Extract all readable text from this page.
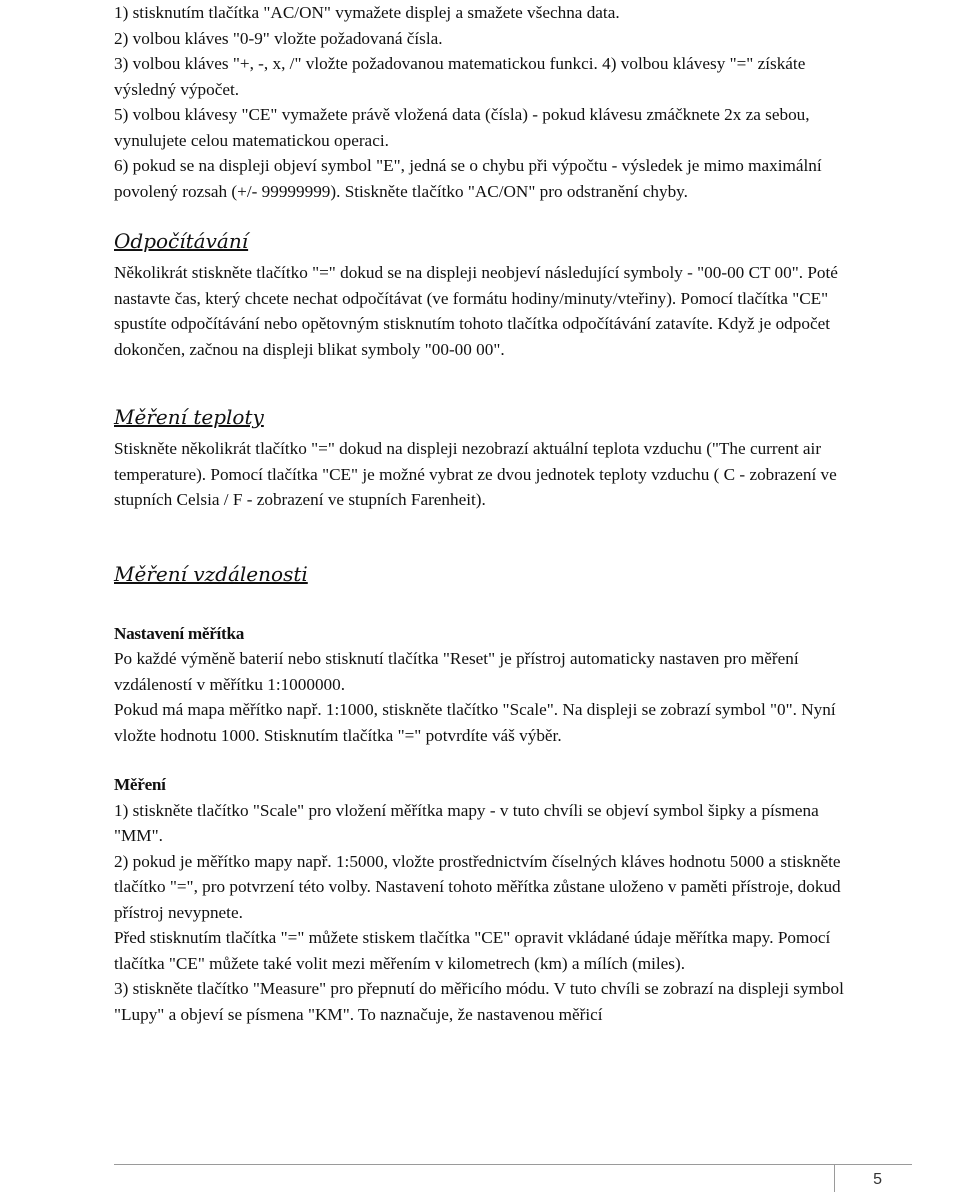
1) stisknutím tlačítka "AC/ON" vymažete displej a smažete všechna data.

2) volbou kláves "0-9" vložte požadovaná čísla.

3) volbou kláves "+, -, x, /" vložte požadovanou matematickou funkci. 4) volbou klávesy "=" získáte výsledný výpočet.

5) volbou klávesy "CE" vymažete právě vložená data (čísla) - pokud klávesu zmáčknete 2x za sebou, vynulujete celou matematickou operaci.

6) pokud se na displeji objeví symbol "E", jedná se o chybu při výpočtu - výsledek je mimo maximální povolený rozsah (+/- 99999999). Stiskněte tlačítko "AC/ON" pro odstranění chyby.

Odpočítávání

Několikrát stiskněte tlačítko "=" dokud se na displeji neobjeví následující symboly - "00-00 CT 00". Poté nastavte čas, který chcete nechat odpočítávat (ve formátu hodiny/minuty/vteřiny). Pomocí tlačítka "CE" spustíte odpočítávání nebo opětovným stisknutím tohoto tlačítka odpočítávání zatavíte. Když je odpočet dokončen, začnou na displeji blikat symboly "00-00 00".

Měření teploty

Stiskněte několikrát tlačítko "=" dokud na displeji nezobrazí aktuální teplota vzduchu ("The current air temperature). Pomocí tlačítka "CE" je možné vybrat ze dvou jednotek teploty vzduchu ( C - zobrazení ve stupních Celsia / F - zobrazení ve stupních Farenheit).

Měření vzdálenosti

Nastavení měřítka

Po každé výměně baterií nebo stisknutí tlačítka "Reset" je přístroj automaticky nastaven pro měření vzdáleností v měřítku 1:1000000.

Pokud má mapa měřítko např. 1:1000, stiskněte tlačítko "Scale". Na displeji se zobrazí symbol "0". Nyní vložte hodnotu 1000. Stisknutím tlačítka "=" potvrdíte váš výběr.

Měření

1) stiskněte tlačítko "Scale" pro vložení měřítka mapy - v tuto chvíli se objeví symbol šipky a písmena "MM".

2) pokud je měřítko mapy např. 1:5000, vložte prostřednictvím číselných kláves hodnotu 5000 a stiskněte tlačítko "=", pro potvrzení této volby. Nastavení tohoto měřítka zůstane uloženo v paměti přístroje, dokud přístroj nevypnete.

Před stisknutím tlačítka "=" můžete stiskem tlačítka "CE" opravit vkládané údaje měřítka mapy. Pomocí tlačítka "CE" můžete také volit mezi měřením v kilometrech (km) a mílích (miles).

3) stiskněte tlačítko "Measure" pro přepnutí do měřicího módu. V tuto chvíli se zobrazí na displeji symbol "Lupy" a objeví se písmena "KM". To naznačuje, že nastavenou měřicí

5
